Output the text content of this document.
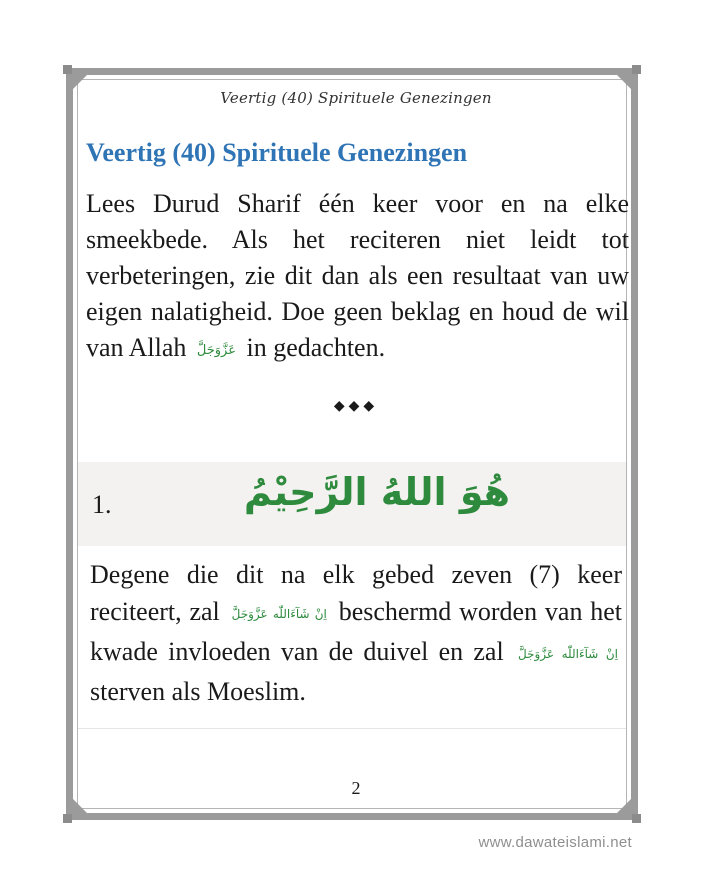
Veertig (40) Spirituele Genezingen
Veertig (40) Spirituele Genezingen
Lees Durud Sharif één keer voor en na elke smeekbede. Als het reciteren niet leidt tot verbeteringen, zie dit dan als een resultaat van uw eigen nalatigheid. Doe geen beklag en houd de wil van Allah عَزَّوَجَلَّ in gedachten.
◆◆◆
1.	هُوَ اللهُ الرَّحِيْمُ
Degene die dit na elk gebed zeven (7) keer reciteert, zal اِنْ شَآءَاللّٰه عَزَّوَجَلَّ beschermd worden van het kwade invloeden van de duivel en zal اِنْ شَآءَاللّٰه عَزَّوَجَلَّ sterven als Moeslim.
2
www.dawateislami.net
